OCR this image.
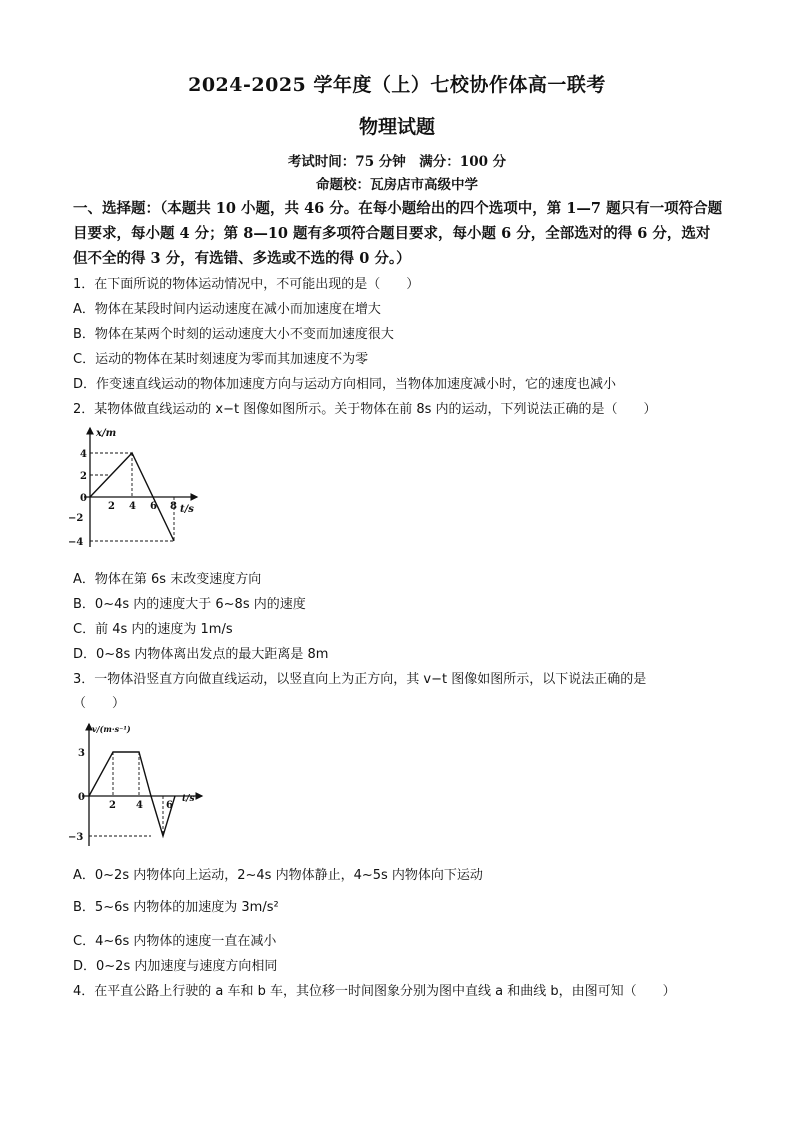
2024-2025 学年度（上）七校协作体高一联考
物理试题
考试时间：75 分钟　满分：100 分
命题校：瓦房店市高级中学
一、选择题：（本题共 10 小题，共 46 分。在每小题给出的四个选项中，第 1—7 题只有一项符合题目要求，每小题 4 分；第 8—10 题有多项符合题目要求，每小题 6 分，全部选对的得 6 分，选对但不全的得 3 分，有选错、多选或不选的得 0 分。）
1．在下面所说的物体运动情况中，不可能出现的是（　　）
A．物体在某段时间内运动速度在减小而加速度在增大
B．物体在某两个时刻的运动速度大小不变而加速度很大
C．运动的物体在某时刻速度为零而其加速度不为零
D．作变速直线运动的物体加速度方向与运动方向相同，当物体加速度减小时，它的速度也减小
2．某物体做直线运动的 x−t 图像如图所示。关于物体在前 8s 内的运动，下列说法正确的是（　　）
x/m
t/s
4
2
0
−2
−4
2 4 6 8
A．物体在第 6s 末改变速度方向
B．0~4s 内的速度大于 6~8s 内的速度
C．前 4s 内的速度为 1m/s
D．0~8s 内物体离出发点的最大距离是 8m
3．一物体沿竖直方向做直线运动，以竖直向上为正方向，其 v−t 图像如图所示，以下说法正确的是
（　　）
v/(m·s⁻¹)
t/s
3
0
−3
2 4 6
A．0~2s 内物体向上运动，2~4s 内物体静止，4~5s 内物体向下运动
B．5~6s 内物体的加速度为 3m/s²
C．4~6s 内物体的速度一直在减小
D．0~2s 内加速度与速度方向相同
4．在平直公路上行驶的 a 车和 b 车，其位移一时间图象分别为图中直线 a 和曲线 b，由图可知（　　）
